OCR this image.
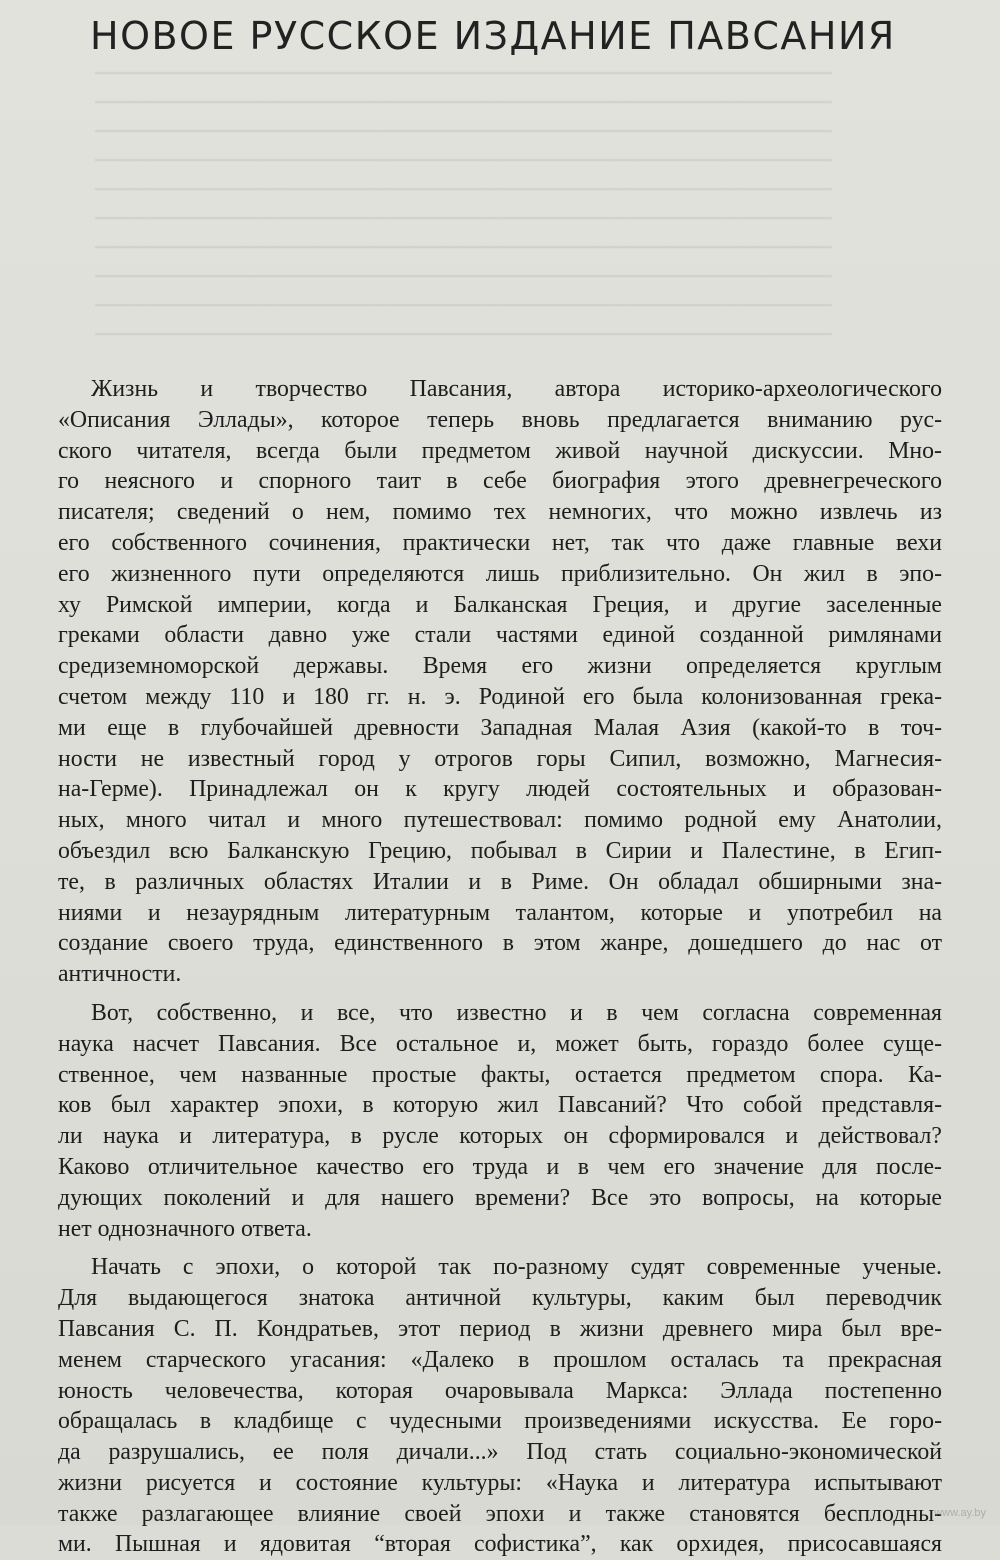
────────────────────────────────────────
────────────────────────────────────────
────────────────────────────────────────
────────────────────────────────────────
────────────────────────────────────────
────────────────────────────────────────
────────────────────────────────────────
────────────────────────────────────────
────────────────────────────────────────
────────────────────────────────────────
НОВОЕ РУССКОЕ ИЗДАНИЕ ПАВСАНИЯ
Жизнь и творчество Павсания, автора историко-археологического
«Описания Эллады», которое теперь вновь предлагается вниманию рус-
ского читателя, всегда были предметом живой научной дискуссии. Мно-
го неясного и спорного таит в себе биография этого древнегреческого
писателя; сведений о нем, помимо тех немногих, что можно извлечь из
его собственного сочинения, практически нет, так что даже главные вехи
его жизненного пути определяются лишь приблизительно. Он жил в эпо-
ху Римской империи, когда и Балканская Греция, и другие заселенные
греками области давно уже стали частями единой созданной римлянами
средиземноморской державы. Время его жизни определяется круглым
счетом между 110 и 180 гг. н. э. Родиной его была колонизованная грека-
ми еще в глубочайшей древности Западная Малая Азия (какой-то в точ-
ности не известный город у отрогов горы Сипил, возможно, Магнесия-
на-Герме). Принадлежал он к кругу людей состоятельных и образован-
ных, много читал и много путешествовал: помимо родной ему Анатолии,
объездил всю Балканскую Грецию, побывал в Сирии и Палестине, в Егип-
те, в различных областях Италии и в Риме. Он обладал обширными зна-
ниями и незаурядным литературным талантом, которые и употребил на
создание своего труда, единственного в этом жанре, дошедшего до нас от
античности.
Вот, собственно, и все, что известно и в чем согласна современная
наука насчет Павсания. Все остальное и, может быть, гораздо более суще-
ственное, чем названные простые факты, остается предметом спора. Ка-
ков был характер эпохи, в которую жил Павсаний? Что собой представля-
ли наука и литература, в русле которых он сформировался и действовал?
Каково отличительное качество его труда и в чем его значение для после-
дующих поколений и для нашего времени? Все это вопросы, на которые
нет однозначного ответа.
Начать с эпохи, о которой так по-разному судят современные ученые.
Для выдающегося знатока античной культуры, каким был переводчик
Павсания С. П. Кондратьев, этот период в жизни древнего мира был вре-
менем старческого угасания: «Далеко в прошлом осталась та прекрасная
юность человечества, которая очаровывала Маркса: Эллада постепенно
обращалась в кладбище с чудесными произведениями искусства. Ее горо-
да разрушались, ее поля дичали...» Под стать социально-экономической
жизни рисуется и состояние культуры: «Наука и литература испытывают
также разлагающее влияние своей эпохи и также становятся бесплодны-
ми. Пышная и ядовитая “вторая софистика”, как орхидея, присосавшаяся
www.ay.by
